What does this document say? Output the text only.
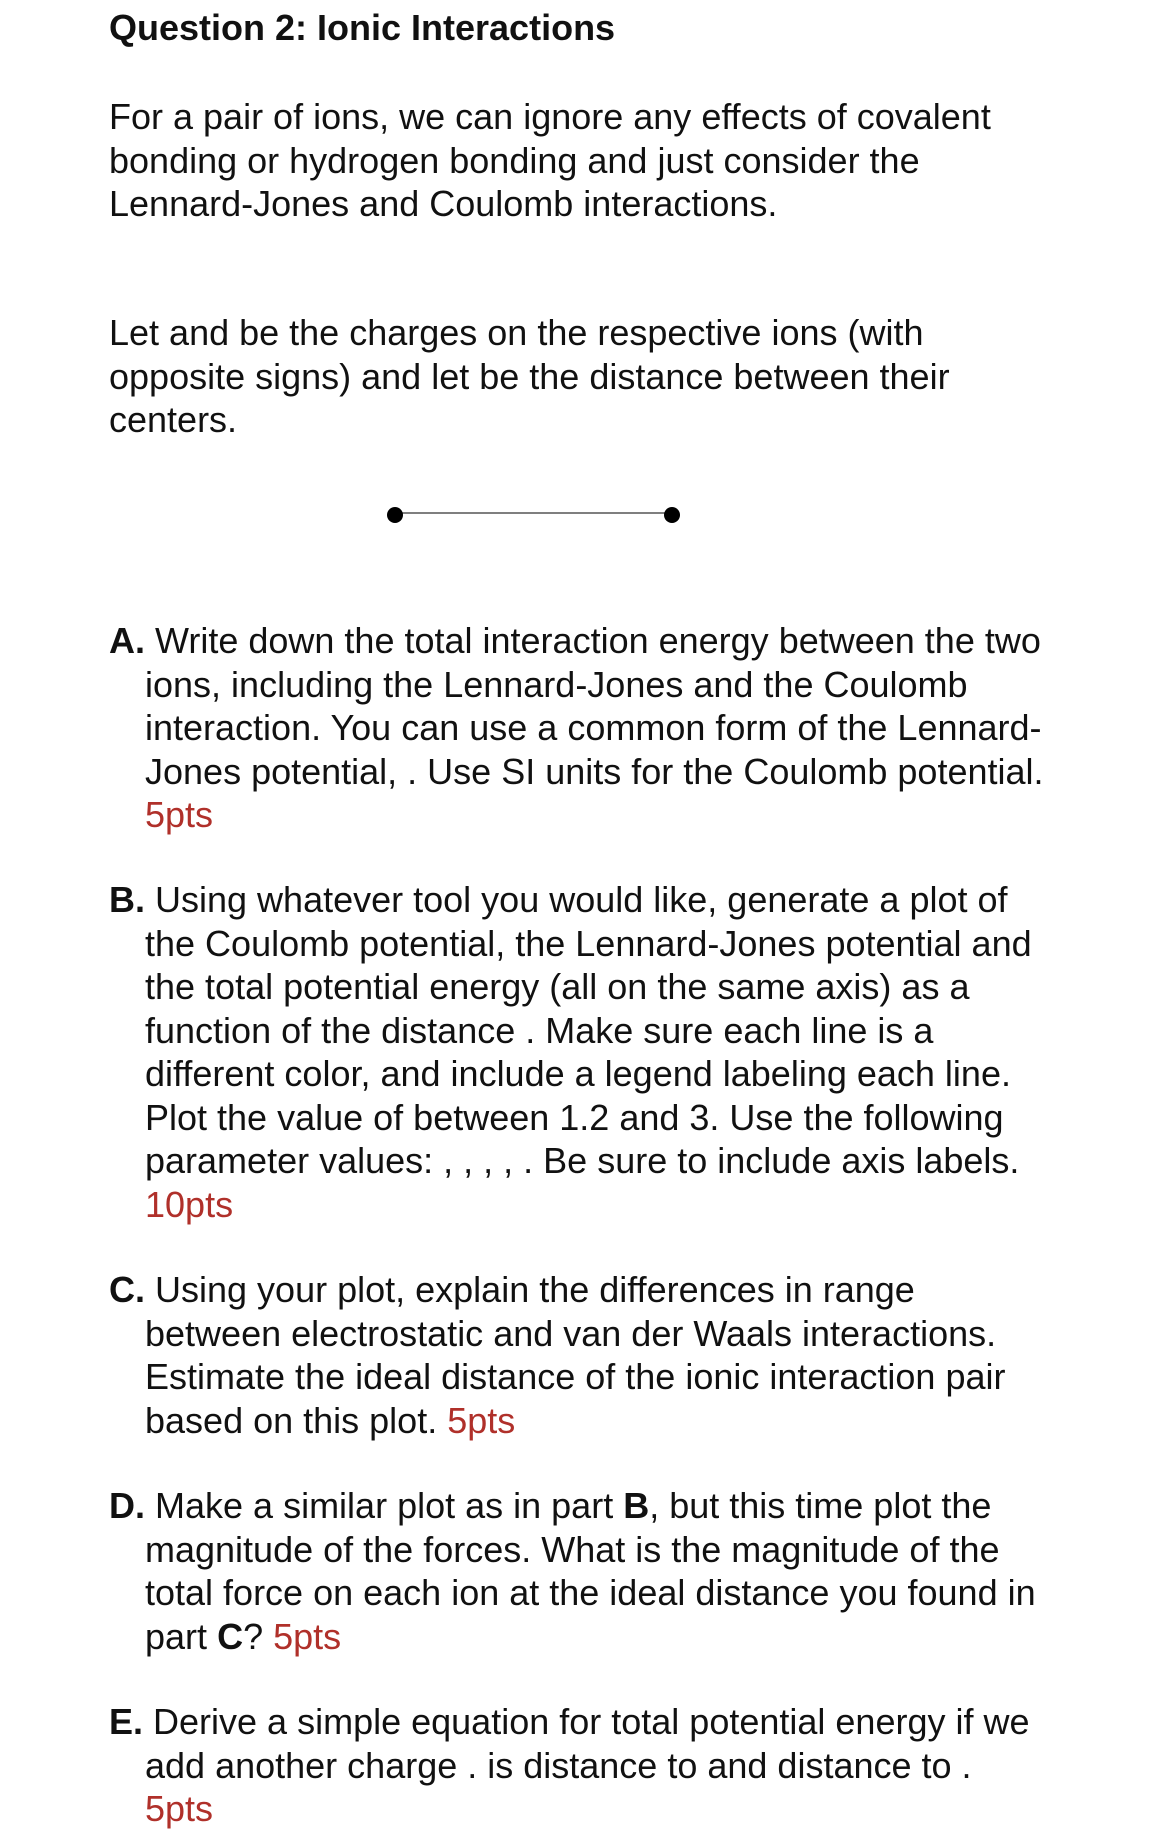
Question 2: Ionic Interactions

For a pair of ions, we can ignore any effects of covalent bonding or hydrogen bonding and just consider the Lennard-Jones and Coulomb interactions.

Let and be the charges on the respective ions (with opposite signs) and let be the distance between their centers.

A. Write down the total interaction energy between the two ions, including the Lennard-Jones and the Coulomb interaction. You can use a common form of the Lennard-Jones potential, . Use SI units for the Coulomb potential. 5pts

B. Using whatever tool you would like, generate a plot of the Coulomb potential, the Lennard-Jones potential and the total potential energy (all on the same axis) as a function of the distance . Make sure each line is a different color, and include a legend labeling each line. Plot the value of between 1.2 and 3. Use the following parameter values: , , , , . Be sure to include axis labels. 10pts

C. Using your plot, explain the differences in range between electrostatic and van der Waals interactions. Estimate the ideal distance of the ionic interaction pair based on this plot. 5pts

D. Make a similar plot as in part B, but this time plot the magnitude of the forces. What is the magnitude of the total force on each ion at the ideal distance you found in part C? 5pts

E. Derive a simple equation for total potential energy if we add another charge . is distance to and distance to . 5pts
